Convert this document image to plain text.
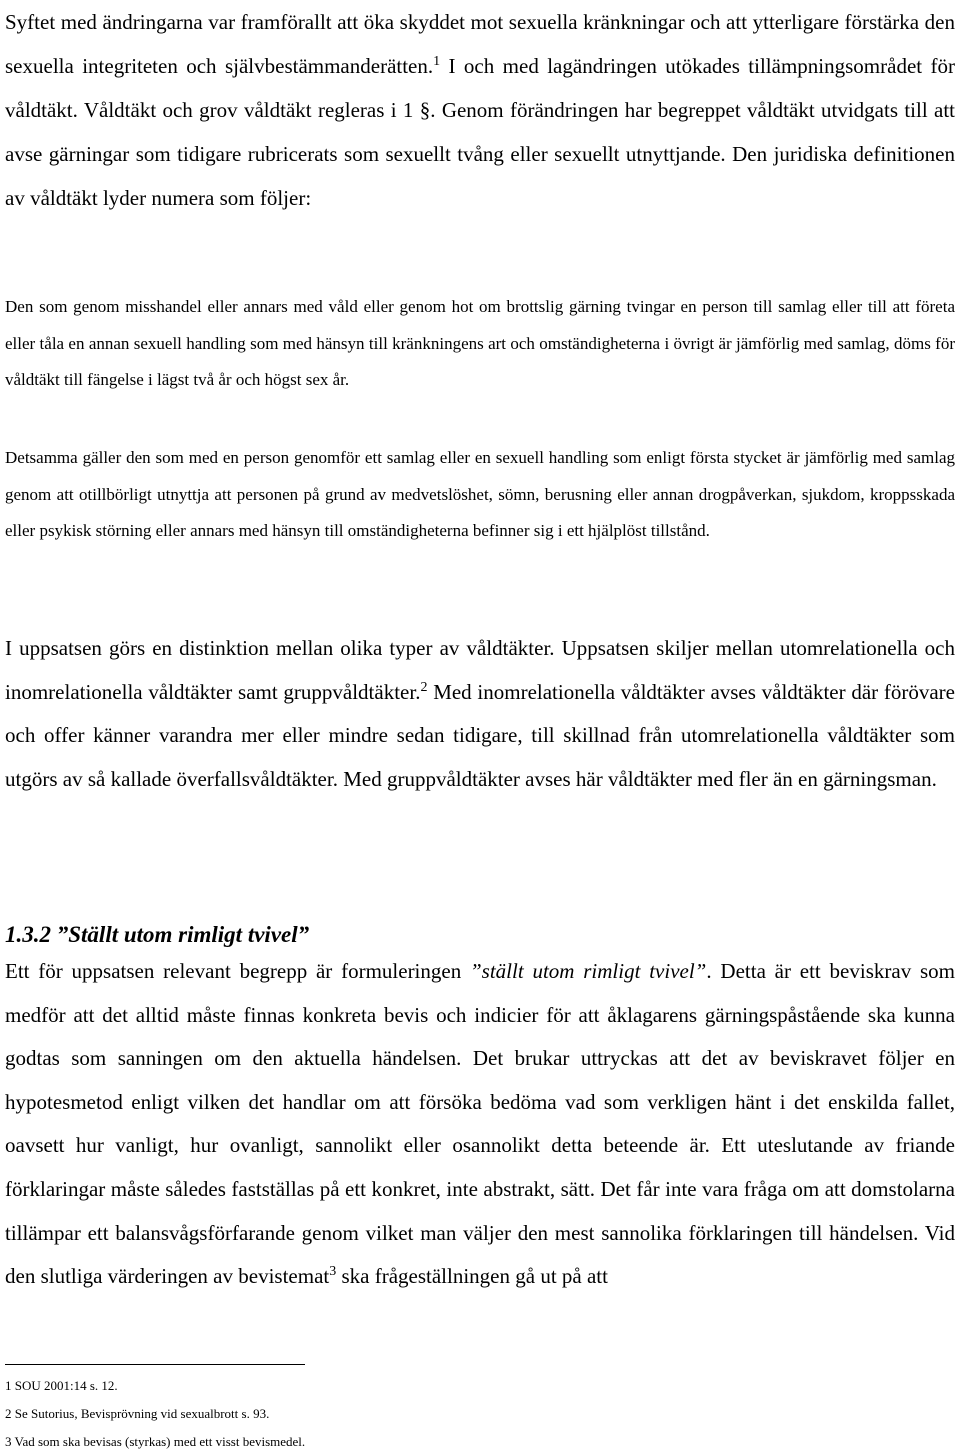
Syftet med ändringarna var framförallt att öka skyddet mot sexuella kränkningar och att ytterligare förstärka den sexuella integriteten och självbestämmanderätten.$^1$ I och med lagändringen utökades tillämpningsområdet för våldtäkt. Våldtäkt och grov våldtäkt regleras i 1 §. Genom förändringen har begreppet våldtäkt utvidgats till att avse gärningar som tidigare rubricerats som sexuellt tvång eller sexuellt utnyttjande. Den juridiska definitionen av våldtäkt lyder numera som följer:
Den som genom misshandel eller annars med våld eller genom hot om brottslig gärning tvingar en person till samlag eller till att företa eller tåla en annan sexuell handling som med hänsyn till kränkningens art och omständigheterna i övrigt är jämförlig med samlag, döms för våldtäkt till fängelse i lägst två år och högst sex år.
Detsamma gäller den som med en person genomför ett samlag eller en sexuell handling som enligt första stycket är jämförlig med samlag genom att otillbörligt utnyttja att personen på grund av medvetslöshet, sömn, berusning eller annan drogpåverkan, sjukdom, kroppsskada eller psykisk störning eller annars med hänsyn till omständigheterna befinner sig i ett hjälplöst tillstånd.
I uppsatsen görs en distinktion mellan olika typer av våldtäkter. Uppsatsen skiljer mellan utomrelationella och inomrelationella våldtäkter samt gruppvåldtäkter.$^2$ Med inomrelationella våldtäkter avses våldtäkter där förövare och offer känner varandra mer eller mindre sedan tidigare, till skillnad från utomrelationella våldtäkter som utgörs av så kallade överfallsvåldtäkter. Med gruppvåldtäkter avses här våldtäkter med fler än en gärningsman.
1.3.2 ”Ställt utom rimligt tvivel”
Ett för uppsatsen relevant begrepp är formuleringen ”ställt utom rimligt tvivel”. Detta är ett beviskrav som medför att det alltid måste finnas konkreta bevis och indicier för att åklagarens gärningspåstående ska kunna godtas som sanningen om den aktuella händelsen. Det brukar uttryckas att det av beviskravet följer en hypotesmetod enligt vilken det handlar om att försöka bedöma vad som verkligen hänt i det enskilda fallet, oavsett hur vanligt, hur ovanligt, sannolikt eller osannolikt detta beteende är. Ett uteslutande av friande förklaringar måste således fastställas på ett konkret, inte abstrakt, sätt. Det får inte vara fråga om att domstolarna tillämpar ett balansvågsförfarande genom vilket man väljer den mest sannolika förklaringen till händelsen. Vid den slutliga värderingen av bevistemat$^3$ ska frågeställningen gå ut på att
1 SOU 2001:14 s. 12.
2 Se Sutorius, Bevisprövning vid sexualbrott s. 93.
3 Vad som ska bevisas (styrkas) med ett visst bevismedel.
